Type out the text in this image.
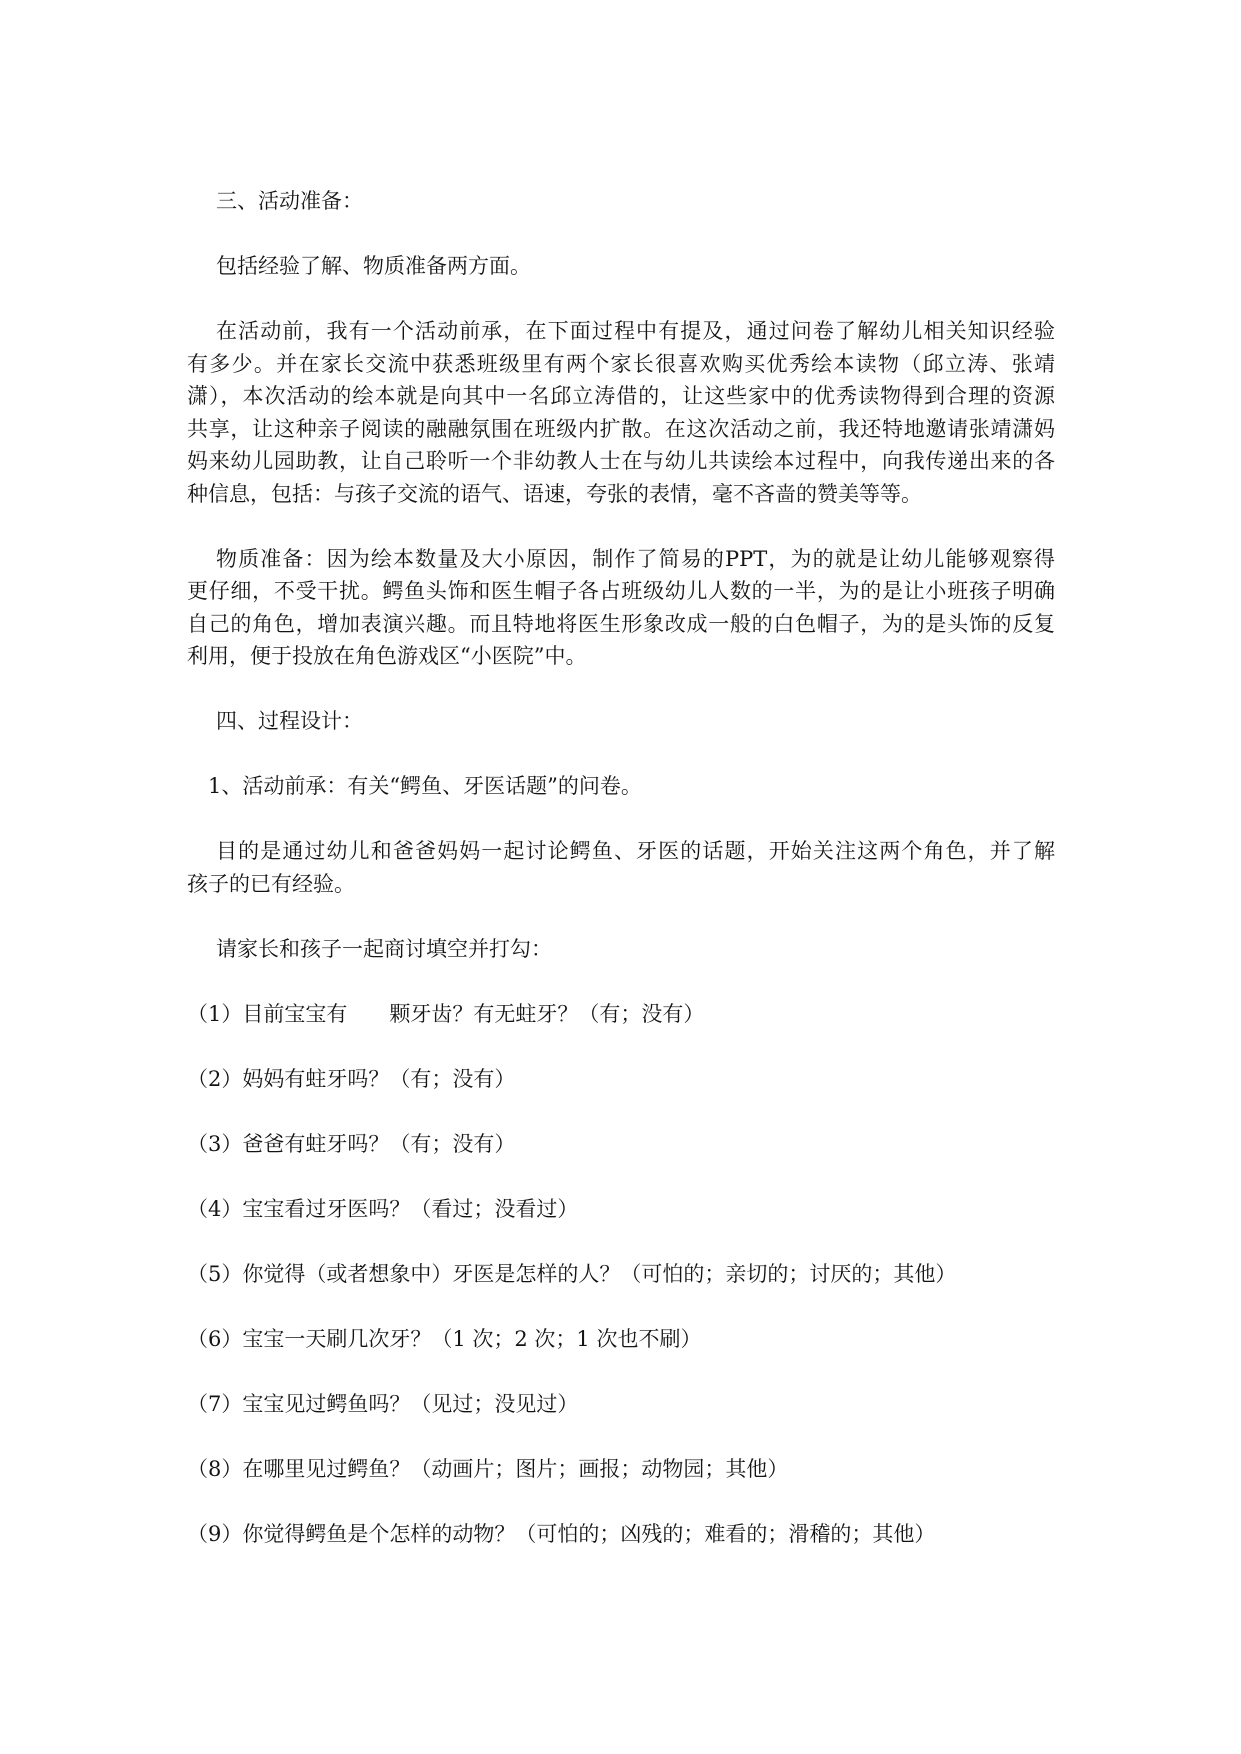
三、活动准备：
包括经验了解、物质准备两方面。
在活动前，我有一个活动前承，在下面过程中有提及，通过问卷了解幼儿相关知识经验
有多少。并在家长交流中获悉班级里有两个家长很喜欢购买优秀绘本读物（邱立涛、张靖
潇），本次活动的绘本就是向其中一名邱立涛借的，让这些家中的优秀读物得到合理的资源
共享，让这种亲子阅读的融融氛围在班级内扩散。在这次活动之前，我还特地邀请张靖潇妈
妈来幼儿园助教，让自己聆听一个非幼教人士在与幼儿共读绘本过程中，向我传递出来的各
种信息，包括：与孩子交流的语气、语速，夸张的表情，毫不吝啬的赞美等等。
物质准备：因为绘本数量及大小原因，制作了简易的PPT，为的就是让幼儿能够观察得
更仔细，不受干扰。鳄鱼头饰和医生帽子各占班级幼儿人数的一半，为的是让小班孩子明确
自己的角色，增加表演兴趣。而且特地将医生形象改成一般的白色帽子，为的是头饰的反复
利用，便于投放在角色游戏区“小医院”中。
四、过程设计：
1、活动前承：有关“鳄鱼、牙医话题”的问卷。
目的是通过幼儿和爸爸妈妈一起讨论鳄鱼、牙医的话题，开始关注这两个角色，并了解
孩子的已有经验。
请家长和孩子一起商讨填空并打勾：
（1）目前宝宝有　　颗牙齿？有无蛀牙？（有；没有）
（2）妈妈有蛀牙吗？（有；没有）
（3）爸爸有蛀牙吗？（有；没有）
（4）宝宝看过牙医吗？（看过；没看过）
（5）你觉得（或者想象中）牙医是怎样的人？（可怕的；亲切的；讨厌的；其他）
（6）宝宝一天刷几次牙？（1 次；2 次；1 次也不刷）
（7）宝宝见过鳄鱼吗？（见过；没见过）
（8）在哪里见过鳄鱼？（动画片；图片；画报；动物园；其他）
（9）你觉得鳄鱼是个怎样的动物？（可怕的；凶残的；难看的；滑稽的；其他）
